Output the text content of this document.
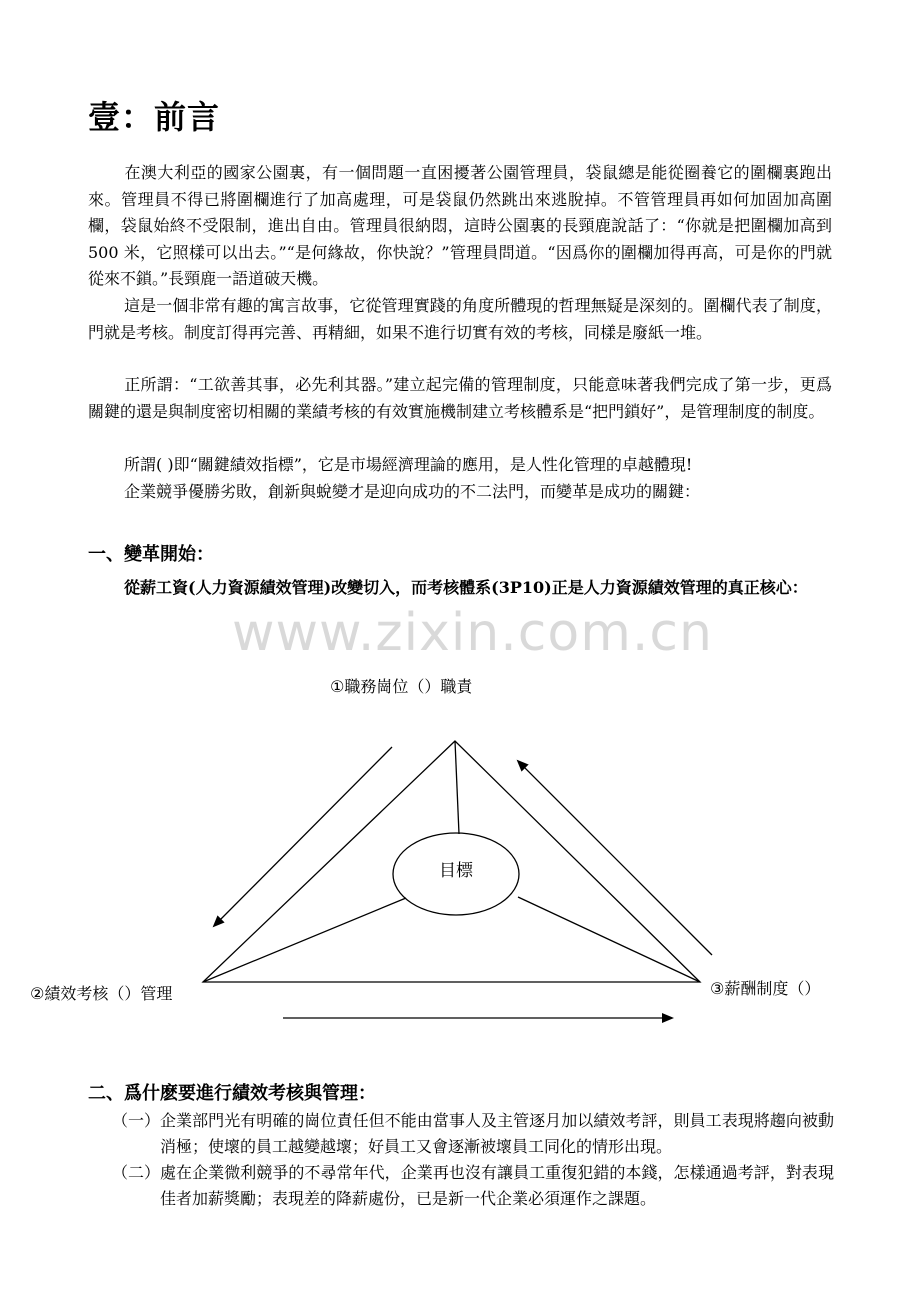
壹：前言

在澳大利亞的國家公園裏，有一個問題一直困擾著公園管理員，袋鼠總是能從圈養它的圍欄裏跑出來。管理員不得已將圍欄進行了加高處理，可是袋鼠仍然跳出來逃脫掉。不管管理員再如何加固加高圍欄，袋鼠始終不受限制，進出自由。管理員很納悶，這時公園裏的長頸鹿說話了：“你就是把圍欄加高到 500 米，它照樣可以出去。”“是何緣故，你快說？”管理員問道。“因爲你的圍欄加得再高，可是你的門就從來不鎖。”長頸鹿一語道破天機。

這是一個非常有趣的寓言故事，它從管理實踐的角度所體現的哲理無疑是深刻的。圍欄代表了制度，門就是考核。制度訂得再完善、再精細，如果不進行切實有效的考核，同樣是廢紙一堆。

正所謂：“工欲善其事，必先利其器。”建立起完備的管理制度，只能意味著我們完成了第一步，更爲關鍵的還是與制度密切相關的業績考核的有效實施機制建立考核體系是“把門鎖好”，是管理制度的制度。

所謂( )即“關鍵績效指標”，它是市場經濟理論的應用，是人性化管理的卓越體現!

企業競爭優勝劣敗，創新與蛻變才是迎向成功的不二法門，而變革是成功的關鍵：

一、變革開始：

從薪工資(人力資源績效管理)改變切入，而考核體系(3P10)正是人力資源績效管理的真正核心：

www.zixin.com.cn
①職務崗位（）職責
目標
②績效考核（）管理	③薪酬制度（）
二、爲什麽要進行績效考核與管理：
（一） 企業部門光有明確的崗位責任但不能由當事人及主管逐月加以績效考評，則員工表現將趨向被動消極；使壞的員工越變越壞；好員工又會逐漸被壞員工同化的情形出現。
（二） 處在企業微利競爭的不尋常年代，企業再也沒有讓員工重復犯錯的本錢，怎樣通過考評，對表現佳者加薪獎勵；表現差的降薪處份，已是新一代企業必須運作之課題。
